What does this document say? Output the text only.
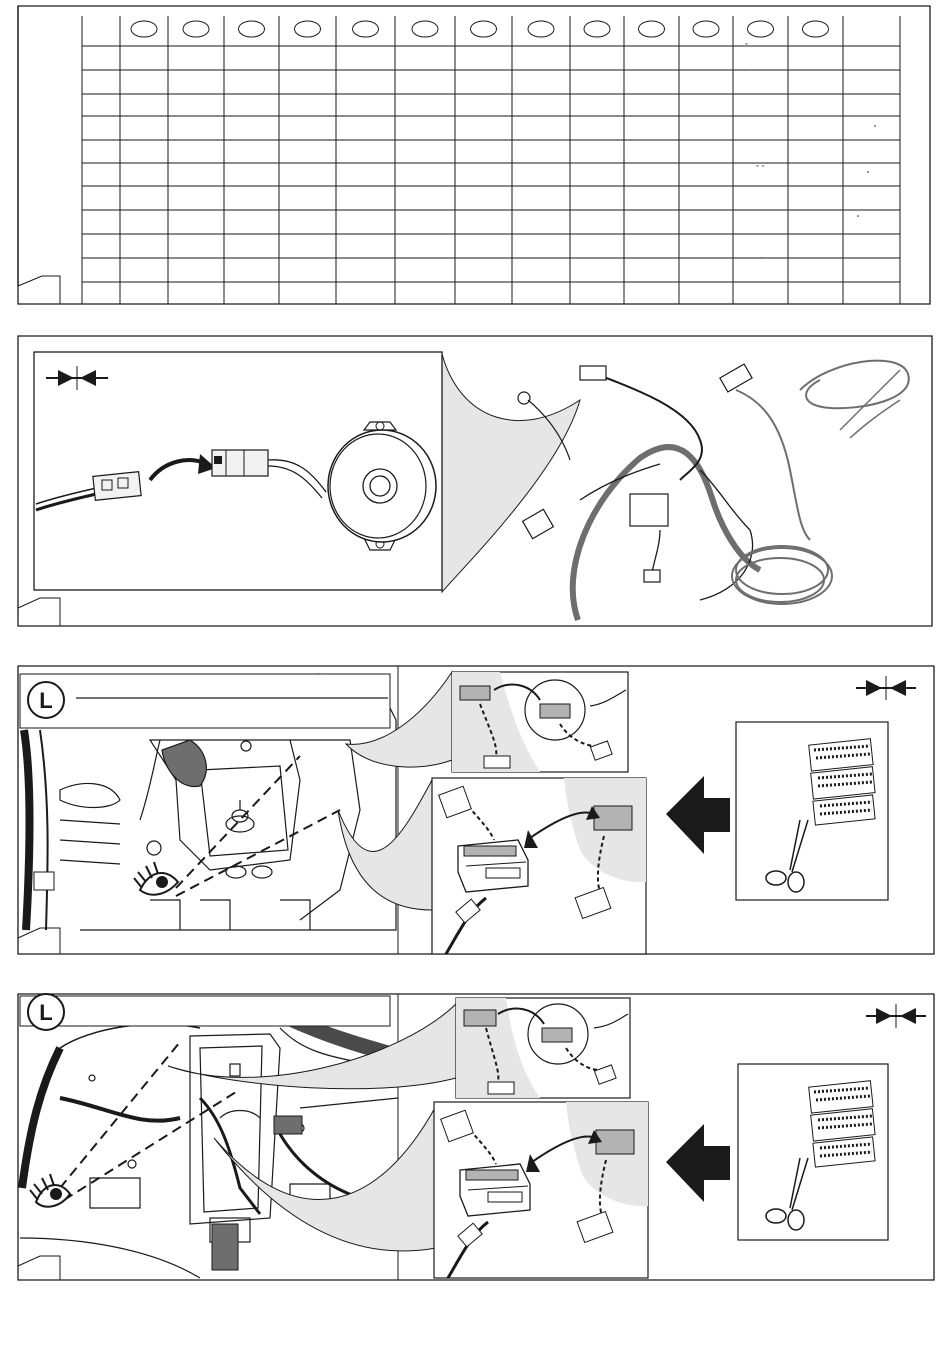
ˇ
ˇ
ˇ ˇ
ˇ
L
L
